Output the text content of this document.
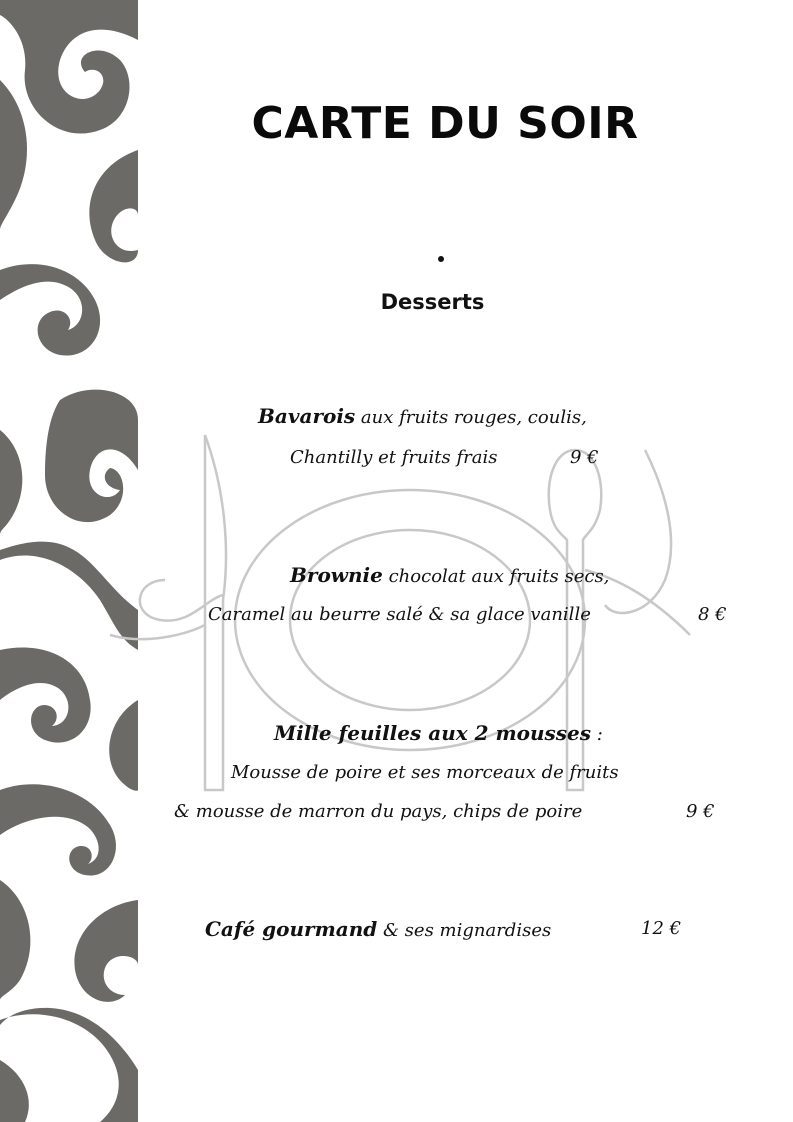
CARTE DU SOIR
Desserts
Bavarois aux fruits rouges, coulis,
Chantilly et fruits frais	9 €
Brownie chocolat aux fruits secs,
Caramel au beurre salé & sa glace vanille	8 €
Mille feuilles aux 2 mousses :
Mousse de poire et ses morceaux de fruits
& mousse de marron du pays, chips de poire	9 €
Café gourmand & ses mignardises	12 €
